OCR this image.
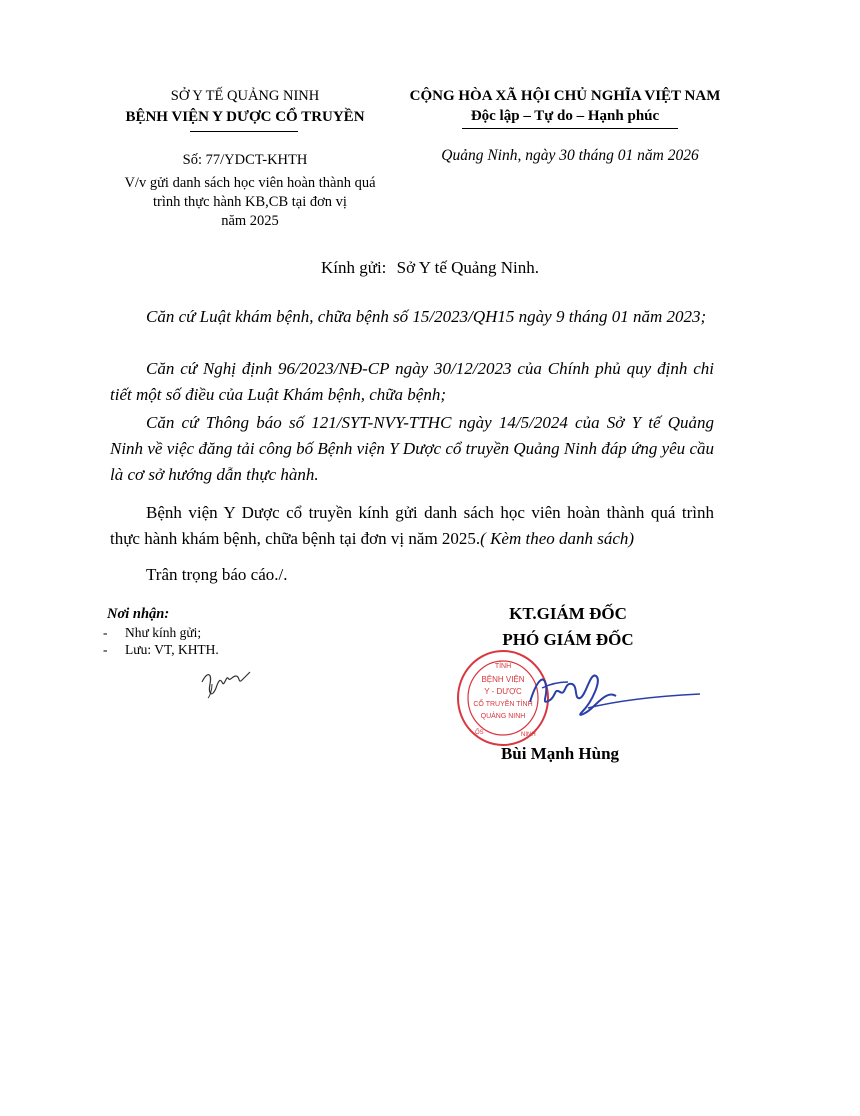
SỞ Y TẾ QUẢNG NINH
BỆNH VIỆN Y DƯỢC CỔ TRUYỀN
CỘNG HÒA XÃ HỘI CHỦ NGHĨA VIỆT NAM
Độc lập – Tự do – Hạnh phúc
Số: 77/YDCT-KHTH
V/v gửi danh sách học viên hoàn thành quá
trình thực hành KB,CB tại đơn vị
năm 2025
Quảng Ninh, ngày 30 tháng 01 năm 2026
Kính gửi: Sở Y tế Quảng Ninh.
Căn cứ Luật khám bệnh, chữa bệnh số 15/2023/QH15 ngày 9 tháng 01 năm 2023;
Căn cứ Nghị định 96/2023/NĐ-CP ngày 30/12/2023 của Chính phủ quy định chi tiết một số điều của Luật Khám bệnh, chữa bệnh;
Căn cứ Thông báo số 121/SYT-NVY-TTHC ngày 14/5/2024 của Sở Y tế Quảng Ninh về việc đăng tải công bố Bệnh viện Y Dược cổ truyền Quảng Ninh đáp ứng yêu cầu là cơ sở hướng dẫn thực hành.
Bệnh viện Y Dược cổ truyền kính gửi danh sách học viên hoàn thành quá trình thực hành khám bệnh, chữa bệnh tại đơn vị năm 2025.( Kèm theo danh sách)
Trân trọng báo cáo./.
Nơi nhận:
- Như kính gửi;
- Lưu: VT, KHTH.
KT.GIÁM ĐỐC
PHÓ GIÁM ĐỐC
TỈNH
BỆNH VIỆN
Y - DƯỢC
CỔ TRUYỀN TỈNH
QUẢNG NINH
ỐS	NINH
Bùi Mạnh Hùng
